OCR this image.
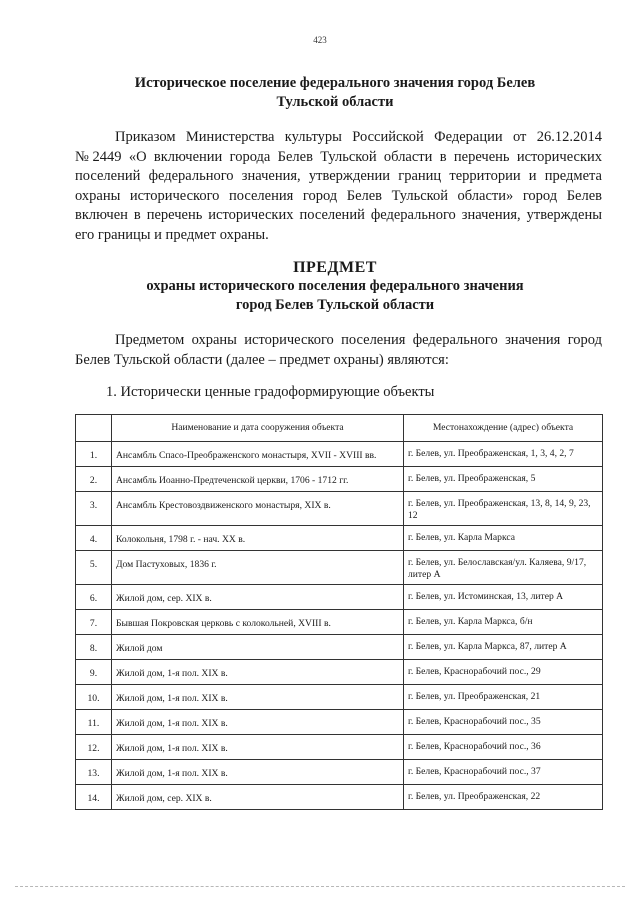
423
Историческое поселение федерального значения город Белев
Тульской области
Приказом Министерства культуры Российской Федерации от 26.12.2014 №2449 «О включении города Белев Тульской области в перечень исторических поселений федерального значения, утверждении границ территории и предмета охраны исторического поселения город Белев Тульской области» город Белев включен в перечень исторических поселений федерального значения, утверждены его границы и предмет охраны.
ПРЕДМЕТ
охраны исторического поселения федерального значения
город Белев Тульской области
Предметом охраны исторического поселения федерального значения город Белев Тульской области (далее – предмет охраны) являются:
1. Исторически ценные градоформирующие объекты
	Наименование и дата сооружения объекта	Местонахождение (адрес) объекта
1.	Ансамбль Спасо-Преображенского монастыря, XVII - XVIII вв.	г. Белев, ул. Преображенская, 1, 3, 4, 2, 7
2.	Ансамбль Иоанно-Предтеченской церкви, 1706 - 1712 гг.	г. Белев, ул. Преображенская, 5
3.	Ансамбль Крестовоздвиженского монастыря, XIX в.	г. Белев, ул. Преображенская, 13, 8, 14, 9, 23, 12
4.	Колокольня, 1798 г. - нач. XX в.	г. Белев, ул. Карла Маркса
5.	Дом Пастуховых, 1836 г.	г. Белев, ул. Белославская/ул. Каляева, 9/17, литер А
6.	Жилой дом, сер. XIX в.	г. Белев, ул. Истоминская, 13, литер А
7.	Бывшая Покровская церковь с колокольней, XVIII в.	г. Белев, ул. Карла Маркса, б/н
8.	Жилой дом	г. Белев, ул. Карла Маркса, 87, литер А
9.	Жилой дом, 1-я пол. XIX в.	г. Белев, Краснорабочий пос., 29
10.	Жилой дом, 1-я пол. XIX в.	г. Белев, ул. Преображенская, 21
11.	Жилой дом, 1-я пол. XIX в.	г. Белев, Краснорабочий пос., 35
12.	Жилой дом, 1-я пол. XIX в.	г. Белев, Краснорабочий пос., 36
13.	Жилой дом, 1-я пол. XIX в.	г. Белев, Краснорабочий пос., 37
14.	Жилой дом, сер. XIX в.	г. Белев, ул. Преображенская, 22
